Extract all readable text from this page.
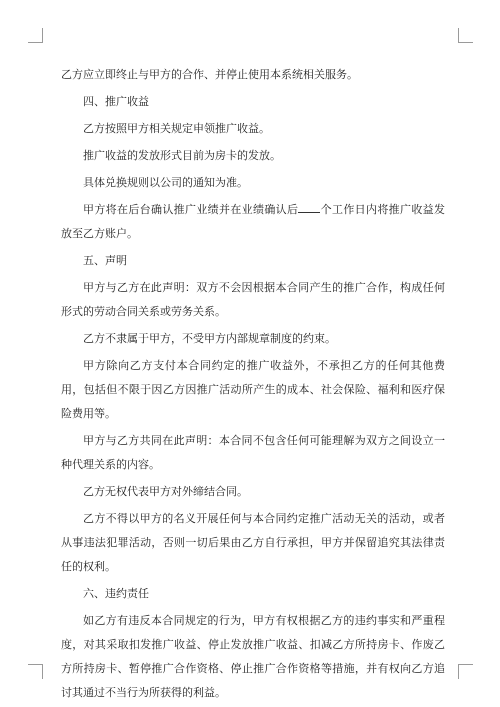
乙方应立即终止与甲方的合作、并停止使用本系统相关服务。

四、推广收益

乙方按照甲方相关规定申领推广收益。

推广收益的发放形式目前为房卡的发放。

具体兑换规则以公司的通知为准。

甲方将在后台确认推广业绩并在业绩确认后 个工作日内将推广收益发放至乙方账户。

五、声明

甲方与乙方在此声明：双方不会因根据本合同产生的推广合作，构成任何形式的劳动合同关系或劳务关系。

乙方不隶属于甲方，不受甲方内部规章制度的约束。

甲方除向乙方支付本合同约定的推广收益外，不承担乙方的任何其他费用，包括但不限于因乙方因推广活动所产生的成本、社会保险、福利和医疗保险费用等。

甲方与乙方共同在此声明：本合同不包含任何可能理解为双方之间设立一种代理关系的内容。

乙方无权代表甲方对外缔结合同。

乙方不得以甲方的名义开展任何与本合同约定推广活动无关的活动，或者从事违法犯罪活动，否则一切后果由乙方自行承担，甲方并保留追究其法律责任的权利。

六、违约责任

如乙方有违反本合同规定的行为，甲方有权根据乙方的违约事实和严重程度，对其采取扣发推广收益、停止发放推广收益、扣减乙方所持房卡、作废乙方所持房卡、暂停推广合作资格、停止推广合作资格等措施，并有权向乙方追讨其通过不当行为所获得的利益。
